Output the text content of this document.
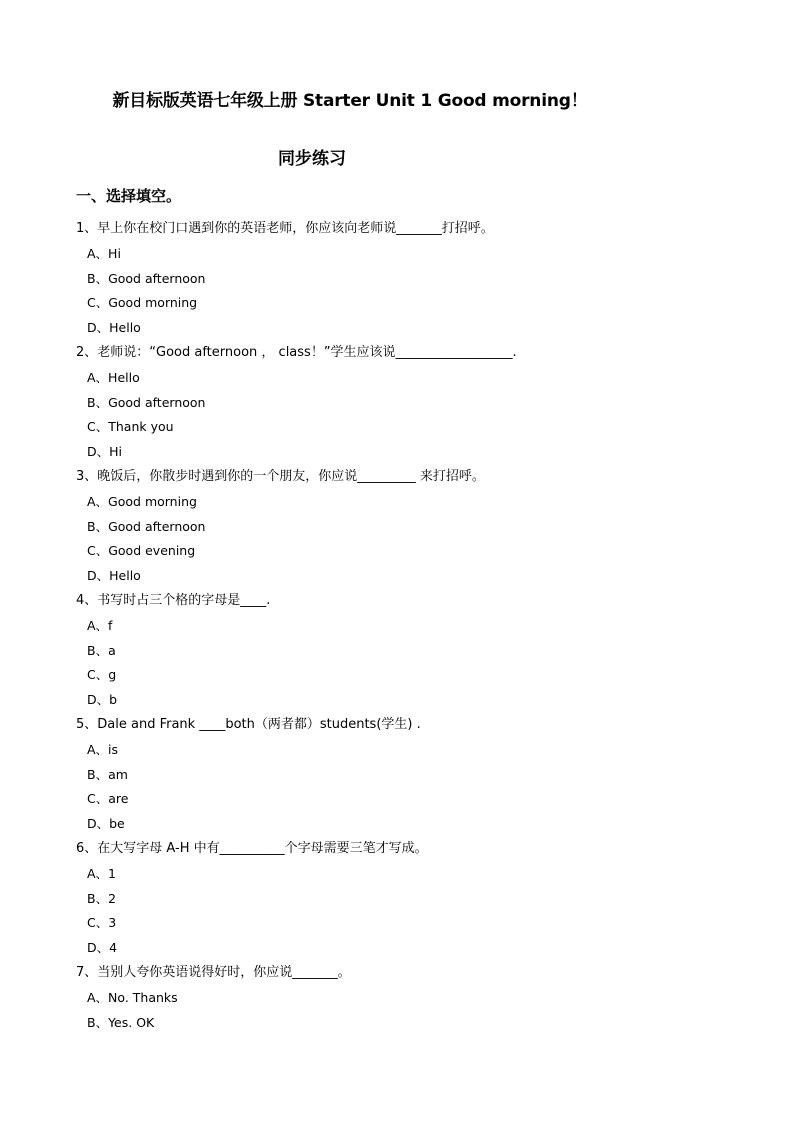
新目标版英语七年级上册 Starter Unit 1 Good morning！
同步练习
一、选择填空。
1、早上你在校门口遇到你的英语老师，你应该向老师说_______打招呼。
A、Hi
B、Good afternoon
C、Good morning
D、Hello
2、老师说：“Good afternoon ， class！”学生应该说__________________.
A、Hello
B、Good afternoon
C、Thank you
D、Hi
3、晚饭后，你散步时遇到你的一个朋友，你应说_________ 来打招呼。
A、Good morning
B、Good afternoon
C、Good evening
D、Hello
4、书写时占三个格的字母是____.
A、f
B、a
C、g
D、b
5、Dale and Frank ____both（两者都）students(学生) .
A、is
B、am
C、are
D、be
6、在大写字母 A-H 中有__________个字母需要三笔才写成。
A、1
B、2
C、3
D、4
7、当别人夸你英语说得好时，你应说_______。
A、No. Thanks
B、Yes. OK
